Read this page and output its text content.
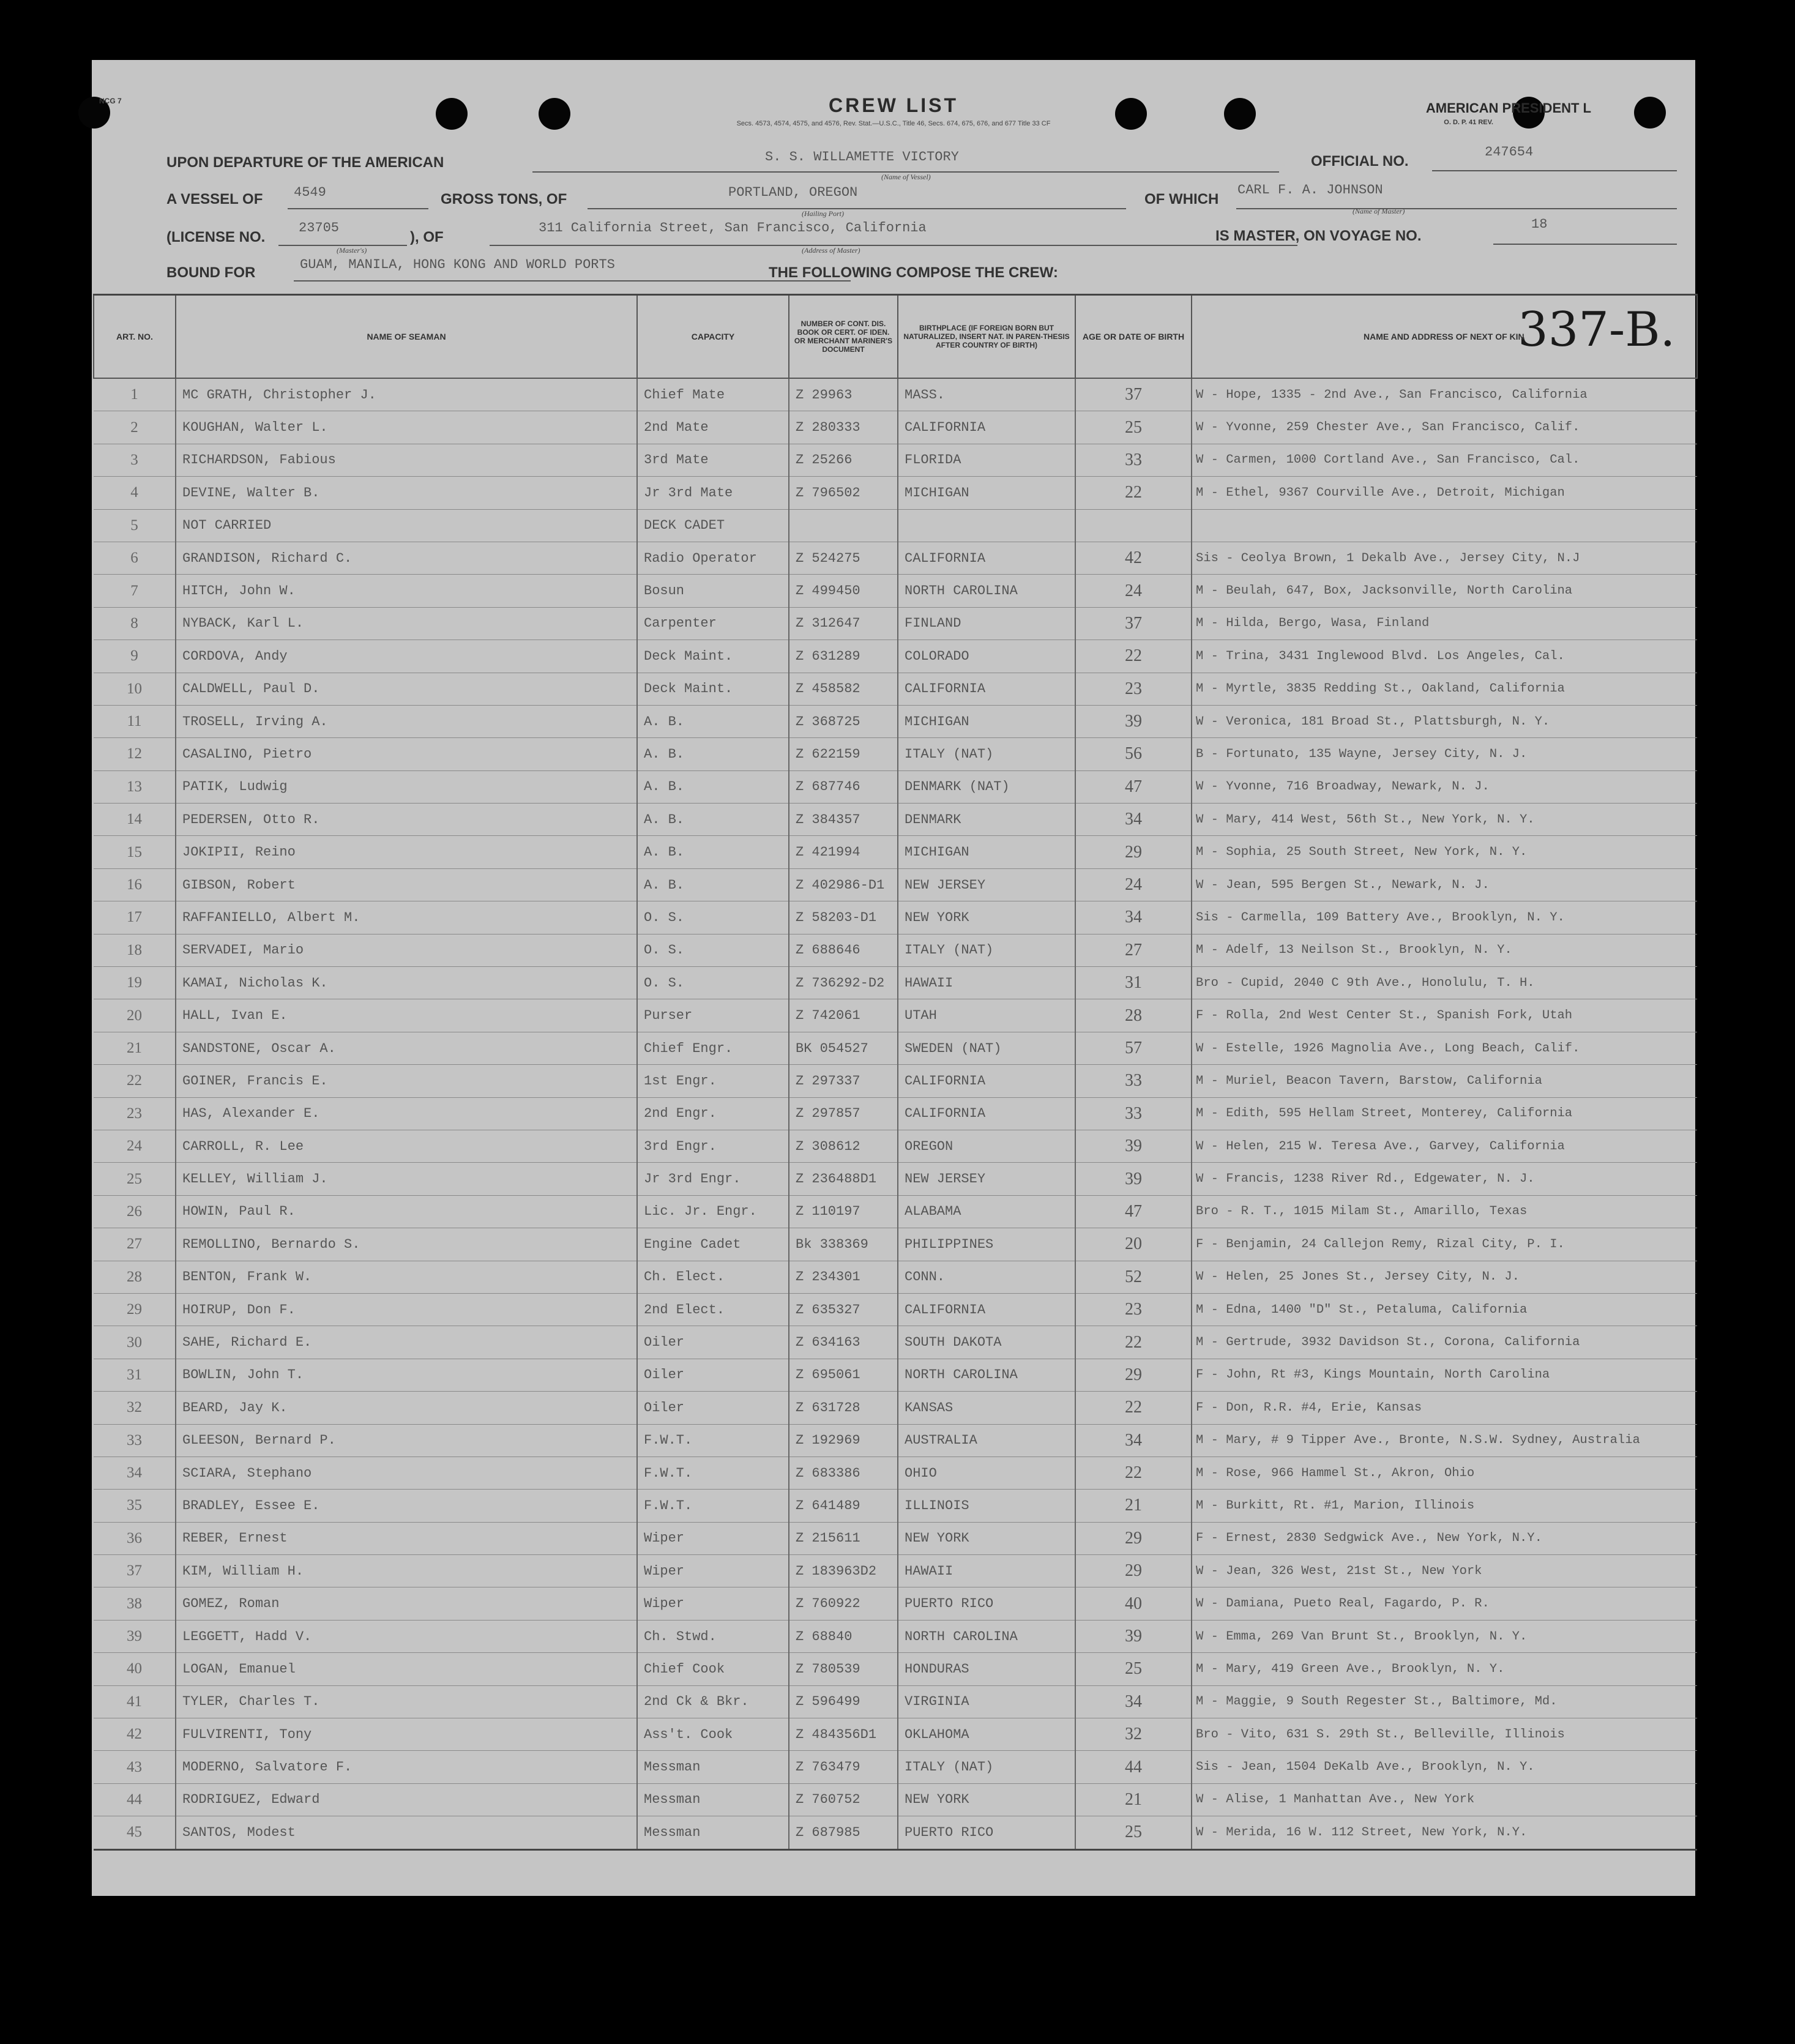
NCG 7	CREW LIST
Secs. 4573, 4574, 4575, and 4576, Rev. Stat.—U.S.C., Title 46, Secs. 674, 675, 676, and 677 Title 33 CF
AMERICAN PRESIDENT L
O. D. P. 41 REV.
UPON DEPARTURE OF THE AMERICAN	S. S. WILLAMETTE VICTORY
(Name of Vessel)
OFFICIAL NO.
247654
A VESSEL OF 4549	GROSS TONS, OF	PORTLAND, OREGON
(Hailing Port)
OF WHICH
CARL F. A. JOHNSON
(Name of Master)
(LICENSE NO.
23705
(Master's)
), OF
311 California Street, San Francisco, California
(Address of Master)
IS MASTER, ON VOYAGE NO.
18
BOUND FOR	GUAM, MANILA, HONG KONG AND WORLD PORTS	THE FOLLOWING COMPOSE THE CREW:
337-B.
ART. NO.	NAME OF SEAMAN	CAPACITY	NUMBER OF CONT. DIS. BOOK OR CERT. OF IDEN. OR MERCHANT MARINER'S DOCUMENT	BIRTHPLACE (IF FOREIGN BORN BUT NATURALIZED, INSERT NAT. IN PAREN-THESIS AFTER COUNTRY OF BIRTH)	AGE OR DATE OF BIRTH	NAME AND ADDRESS OF NEXT OF KIN
1	MC GRATH, Christopher J.	Chief Mate	Z 29963	MASS.	37	W - Hope, 1335 - 2nd Ave., San Francisco, California
2	KOUGHAN, Walter L.	2nd Mate	Z 280333	CALIFORNIA	25	W - Yvonne, 259 Chester Ave., San Francisco, Calif.
3	RICHARDSON, Fabious	3rd Mate	Z 25266	FLORIDA	33	W - Carmen, 1000 Cortland Ave., San Francisco, Cal.
4	DEVINE, Walter B.	Jr 3rd Mate	Z 796502	MICHIGAN	22	M - Ethel, 9367 Courville Ave., Detroit, Michigan
5	NOT CARRIED	DECK CADET				
6	GRANDISON, Richard C.	Radio Operator	Z 524275	CALIFORNIA	42	Sis - Ceolya Brown, 1 Dekalb Ave., Jersey City, N.J
7	HITCH, John W.	Bosun	Z 499450	NORTH CAROLINA	24	M - Beulah, 647, Box, Jacksonville, North Carolina
8	NYBACK, Karl L.	Carpenter	Z 312647	FINLAND	37	M - Hilda, Bergo, Wasa, Finland
9	CORDOVA, Andy	Deck Maint.	Z 631289	COLORADO	22	M - Trina, 3431 Inglewood Blvd. Los Angeles, Cal.
10	CALDWELL, Paul D.	Deck Maint.	Z 458582	CALIFORNIA	23	M - Myrtle, 3835 Redding St., Oakland, California
11	TROSELL, Irving A.	A. B.	Z 368725	MICHIGAN	39	W - Veronica, 181 Broad St., Plattsburgh, N. Y.
12	CASALINO, Pietro	A. B.	Z 622159	ITALY (NAT)	56	B - Fortunato, 135 Wayne, Jersey City, N. J.
13	PATIK, Ludwig	A. B.	Z 687746	DENMARK (NAT)	47	W - Yvonne, 716 Broadway, Newark, N. J.
14	PEDERSEN, Otto R.	A. B.	Z 384357	DENMARK	34	W - Mary, 414 West, 56th St., New York, N. Y.
15	JOKIPII, Reino	A. B.	Z 421994	MICHIGAN	29	M - Sophia, 25 South Street, New York, N. Y.
16	GIBSON, Robert	A. B.	Z 402986-D1	NEW JERSEY	24	W - Jean, 595 Bergen St., Newark, N. J.
17	RAFFANIELLO, Albert M.	O. S.	Z 58203-D1	NEW YORK	34	Sis - Carmella, 109 Battery Ave., Brooklyn, N. Y.
18	SERVADEI, Mario	O. S.	Z 688646	ITALY (NAT)	27	M - Adelf, 13 Neilson St., Brooklyn, N. Y.
19	KAMAI, Nicholas K.	O. S.	Z 736292-D2	HAWAII	31	Bro - Cupid, 2040 C 9th Ave., Honolulu, T. H.
20	HALL, Ivan E.	Purser	Z 742061	UTAH	28	F - Rolla, 2nd West Center St., Spanish Fork, Utah
21	SANDSTONE, Oscar A.	Chief Engr.	BK 054527	SWEDEN (NAT)	57	W - Estelle, 1926 Magnolia Ave., Long Beach, Calif.
22	GOINER, Francis E.	1st Engr.	Z 297337	CALIFORNIA	33	M - Muriel, Beacon Tavern, Barstow, California
23	HAS, Alexander E.	2nd Engr.	Z 297857	CALIFORNIA	33	M - Edith, 595 Hellam Street, Monterey, California
24	CARROLL, R. Lee	3rd Engr.	Z 308612	OREGON	39	W - Helen, 215 W. Teresa Ave., Garvey, California
25	KELLEY, William J.	Jr 3rd Engr.	Z 236488D1	NEW JERSEY	39	W - Francis, 1238 River Rd., Edgewater, N. J.
26	HOWIN, Paul R.	Lic. Jr. Engr.	Z 110197	ALABAMA	47	Bro - R. T., 1015 Milam St., Amarillo, Texas
27	REMOLLINO, Bernardo S.	Engine Cadet	Bk 338369	PHILIPPINES	20	F - Benjamin, 24 Callejon Remy, Rizal City, P. I.
28	BENTON, Frank W.	Ch. Elect.	Z 234301	CONN.	52	W - Helen, 25 Jones St., Jersey City, N. J.
29	HOIRUP, Don F.	2nd Elect.	Z 635327	CALIFORNIA	23	M - Edna, 1400 "D" St., Petaluma, California
30	SAHE, Richard E.	Oiler	Z 634163	SOUTH DAKOTA	22	M - Gertrude, 3932 Davidson St., Corona, California
31	BOWLIN, John T.	Oiler	Z 695061	NORTH CAROLINA	29	F - John, Rt #3, Kings Mountain, North Carolina
32	BEARD, Jay K.	Oiler	Z 631728	KANSAS	22	F - Don, R.R. #4, Erie, Kansas
33	GLEESON, Bernard P.	F.W.T.	Z 192969	AUSTRALIA	34	M - Mary, # 9 Tipper Ave., Bronte, N.S.W. Sydney, Australia
34	SCIARA, Stephano	F.W.T.	Z 683386	OHIO	22	M - Rose, 966 Hammel St., Akron, Ohio
35	BRADLEY, Essee E.	F.W.T.	Z 641489	ILLINOIS	21	M - Burkitt, Rt. #1, Marion, Illinois
36	REBER, Ernest	Wiper	Z 215611	NEW YORK	29	F - Ernest, 2830 Sedgwick Ave., New York, N.Y.
37	KIM, William H.	Wiper	Z 183963D2	HAWAII	29	W - Jean, 326 West, 21st St., New York
38	GOMEZ, Roman	Wiper	Z 760922	PUERTO RICO	40	W - Damiana, Pueto Real, Fagardo, P. R.
39	LEGGETT, Hadd V.	Ch. Stwd.	Z 68840	NORTH CAROLINA	39	W - Emma, 269 Van Brunt St., Brooklyn, N. Y.
40	LOGAN, Emanuel	Chief Cook	Z 780539	HONDURAS	25	M - Mary, 419 Green Ave., Brooklyn, N. Y.
41	TYLER, Charles T.	2nd Ck & Bkr.	Z 596499	VIRGINIA	34	M - Maggie, 9 South Regester St., Baltimore, Md.
42	FULVIRENTI, Tony	Ass't. Cook	Z 484356D1	OKLAHOMA	32	Bro - Vito, 631 S. 29th St., Belleville, Illinois
43	MODERNO, Salvatore F.	Messman	Z 763479	ITALY (NAT)	44	Sis - Jean, 1504 DeKalb Ave., Brooklyn, N. Y.
44	RODRIGUEZ, Edward	Messman	Z 760752	NEW YORK	21	W - Alise, 1 Manhattan Ave., New York
45	SANTOS, Modest	Messman	Z 687985	PUERTO RICO	25	W - Merida, 16 W. 112 Street, New York, N.Y.
